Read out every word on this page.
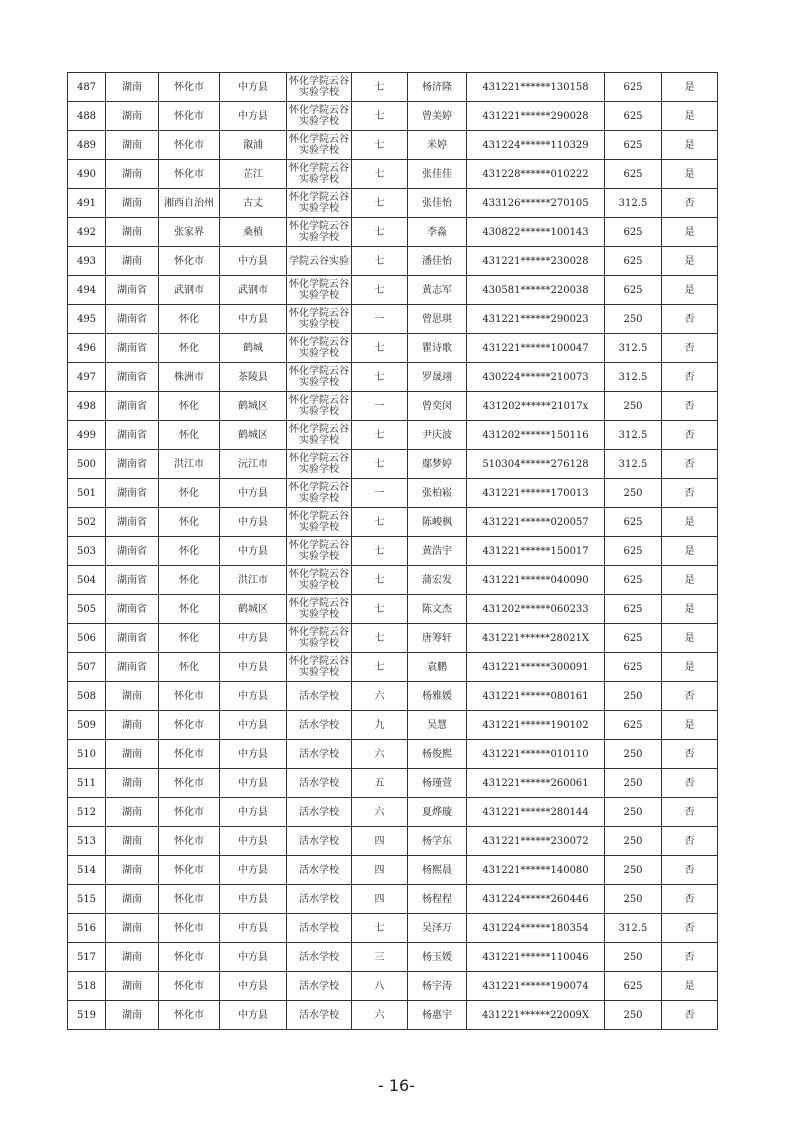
487	湖南	怀化市	中方县	怀化学院云谷实验学校	七	杨济隆	431221******130158	625	是
488	湖南	怀化市	中方县	怀化学院云谷实验学校	七	曾美婷	431221******290028	625	是
489	湖南	怀化市	溆浦	怀化学院云谷实验学校	七	米婷	431224******110329	625	是
490	湖南	怀化市	芷江	怀化学院云谷实验学校	七	张佳佳	431228******010222	625	是
491	湖南	湘西自治州	古丈	怀化学院云谷实验学校	七	张佳怡	433126******270105	312.5	否
492	湖南	张家界	桑植	怀化学院云谷实验学校	七	李淼	430822******100143	625	是
493	湖南	怀化市	中方县	学院云谷实验	七	潘佳怡	431221******230028	625	是
494	湖南省	武钢市	武钢市	怀化学院云谷实验学校	七	黄志军	430581******220038	625	是
495	湖南省	怀化	中方县	怀化学院云谷实验学校	一	曾思琪	431221******290023	250	否
496	湖南省	怀化	鹤城	怀化学院云谷实验学校	七	瞿诗歌	431221******100047	312.5	否
497	湖南省	株洲市	茶陵县	怀化学院云谷实验学校	七	罗晟翊	430224******210073	312.5	否
498	湖南省	怀化	鹤城区	怀化学院云谷实验学校	一	曾奕闵	431202******21017x	250	否
499	湖南省	怀化	鹤城区	怀化学院云谷实验学校	七	尹庆波	431202******150116	312.5	否
500	湖南省	洪江市	沅江市	怀化学院云谷实验学校	七	鄢梦婷	510304******276128	312.5	否
501	湖南省	怀化	中方县	怀化学院云谷实验学校	一	张柏崧	431221******170013	250	否
502	湖南省	怀化	中方县	怀化学院云谷实验学校	七	陈峻枫	431221******020057	625	是
503	湖南省	怀化	中方县	怀化学院云谷实验学校	七	黄浩宇	431221******150017	625	是
504	湖南省	怀化	洪江市	怀化学院云谷实验学校	七	蒲宏发	431221******040090	625	是
505	湖南省	怀化	鹤城区	怀化学院云谷实验学校	七	陈文杰	431202******060233	625	是
506	湖南省	怀化	中方县	怀化学院云谷实验学校	七	唐筹轩	431221******28021X	625	是
507	湖南省	怀化	中方县	怀化学院云谷实验学校	七	袁鹏	431221******300091	625	是
508	湖南	怀化市	中方县	活水学校	六	杨雅媛	431221******080161	250	否
509	湖南	怀化市	中方县	活水学校	九	吴慧	431221******190102	625	是
510	湖南	怀化市	中方县	活水学校	六	杨俊熙	431221******010110	250	否
511	湖南	怀化市	中方县	活水学校	五	杨瑾萱	431221******260061	250	否
512	湖南	怀化市	中方县	活水学校	六	夏烨璇	431221******280144	250	否
513	湖南	怀化市	中方县	活水学校	四	杨学东	431221******230072	250	否
514	湖南	怀化市	中方县	活水学校	四	杨熙晨	431221******140080	250	否
515	湖南	怀化市	中方县	活水学校	四	杨程程	431224******260446	250	否
516	湖南	怀化市	中方县	活水学校	七	吴泽万	431224******180354	312.5	否
517	湖南	怀化市	中方县	活水学校	三	杨玉媛	431221******110046	250	否
518	湖南	怀化市	中方县	活水学校	八	杨宇涛	431221******190074	625	是
519	湖南	怀化市	中方县	活水学校	六	杨惠宇	431221******22009X	250	否
- 16-
